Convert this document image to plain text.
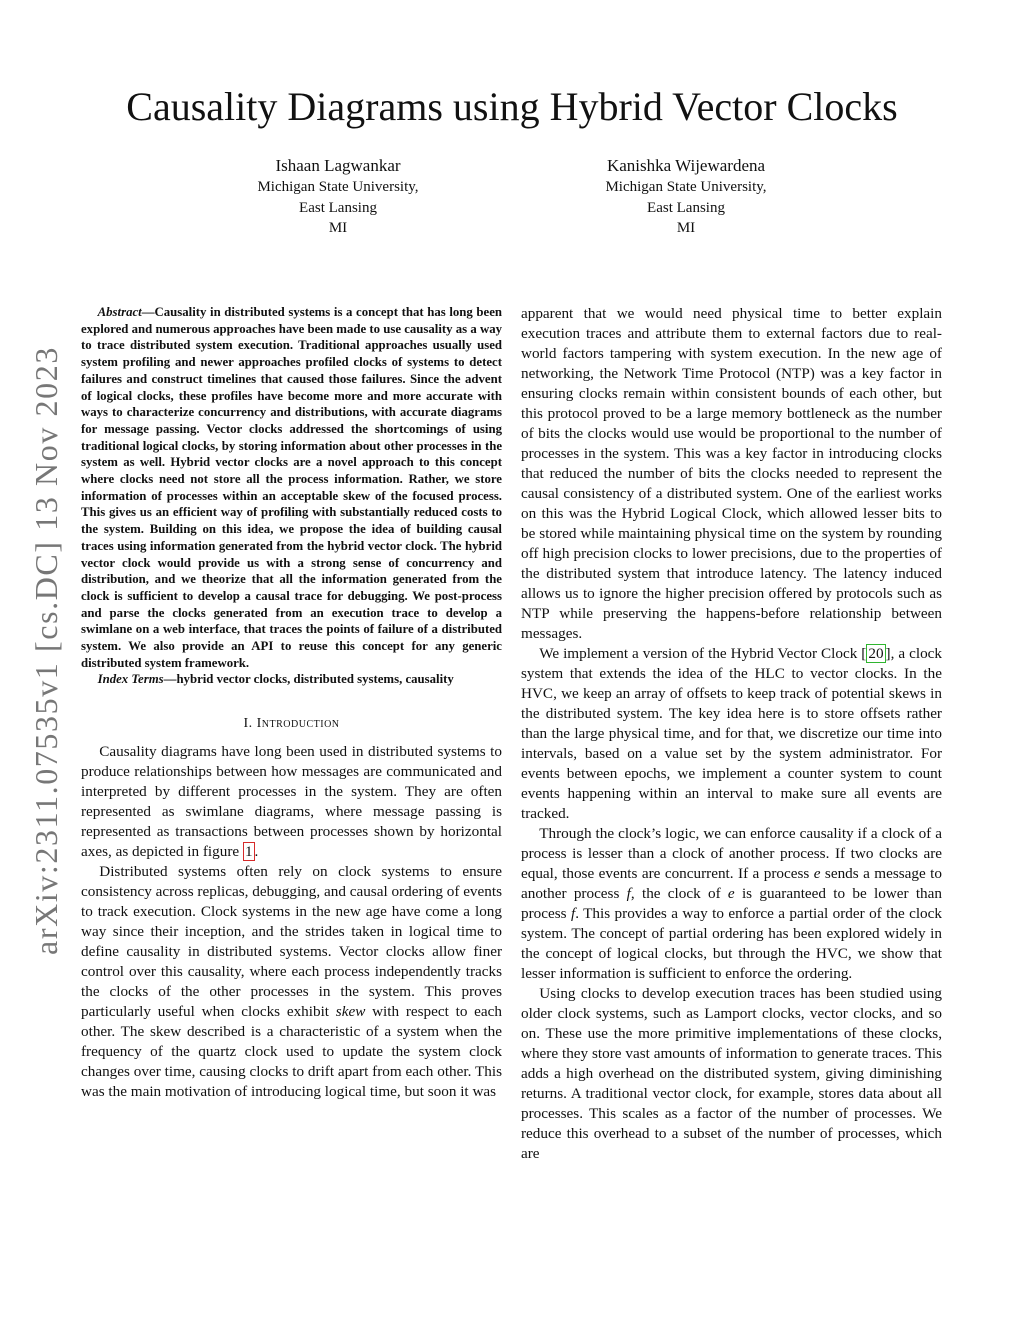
arXiv:2311.07535v1 [cs.DC] 13 Nov 2023
Causality Diagrams using Hybrid Vector Clocks
Ishaan Lagwankar
Michigan State University,
East Lansing
MI
Kanishka Wijewardena
Michigan State University,
East Lansing
MI

Abstract—Causality in distributed systems is a concept that has long been explored and numerous approaches have been made to use causality as a way to trace distributed system execution. Traditional approaches usually used system profiling and newer approaches profiled clocks of systems to detect failures and construct timelines that caused those failures. Since the advent of logical clocks, these profiles have become more and more accurate with ways to characterize concurrency and distributions, with accurate diagrams for message passing. Vector clocks addressed the shortcomings of using traditional logical clocks, by storing information about other processes in the system as well. Hybrid vector clocks are a novel approach to this concept where clocks need not store all the process information. Rather, we store information of processes within an acceptable skew of the focused process. This gives us an efficient way of profiling with substantially reduced costs to the system. Building on this idea, we propose the idea of building causal traces using information generated from the hybrid vector clock. The hybrid vector clock would provide us with a strong sense of concurrency and distribution, and we theorize that all the information generated from the clock is sufficient to develop a causal trace for debugging. We post-process and parse the clocks generated from an execution trace to develop a swimlane on a web interface, that traces the points of failure of a distributed system. We also provide an API to reuse this concept for any generic distributed system framework.

Index Terms—hybrid vector clocks, distributed systems, causality

I. Introduction

Causality diagrams have long been used in distributed systems to produce relationships between how messages are communicated and interpreted by different processes in the system. They are often represented as swimlane diagrams, where message passing is represented as transactions between processes shown by horizontal axes, as depicted in figure 1 .

Distributed systems often rely on clock systems to ensure consistency across replicas, debugging, and causal ordering of events to track execution. Clock systems in the new age have come a long way since their inception, and the strides taken in logical time to define causality in distributed systems. Vector clocks allow finer control over this causality, where each process independently tracks the clocks of the other processes in the system. This proves particularly useful when clocks exhibit skew with respect to each other. The skew described is a characteristic of a system when the frequency of the quartz clock used to update the system clock changes over time, causing clocks to drift apart from each other. This was the main motivation of introducing logical time, but soon it was

apparent that we would need physical time to better explain execution traces and attribute them to external factors due to real-world factors tampering with system execution. In the new age of networking, the Network Time Protocol (NTP) was a key factor in ensuring clocks remain within consistent bounds of each other, but this protocol proved to be a large memory bottleneck as the number of bits the clocks would use would be proportional to the number of processes in the system. This was a key factor in introducing clocks that reduced the number of bits the clocks needed to represent the causal consistency of a distributed system. One of the earliest works on this was the Hybrid Logical Clock, which allowed lesser bits to be stored while maintaining physical time on the system by rounding off high precision clocks to lower precisions, due to the properties of the distributed system that introduce latency. The latency induced allows us to ignore the higher precision offered by protocols such as NTP while preserving the happens-before relationship between messages.

We implement a version of the Hybrid Vector Clock [ 20 ], a clock system that extends the idea of the HLC to vector clocks. In the HVC, we keep an array of offsets to keep track of potential skews in the distributed system. The key idea here is to store offsets rather than the large physical time, and for that, we discretize our time into intervals, based on a value set by the system administrator. For events between epochs, we implement a counter system to count events happening within an interval to make sure all events are tracked.

Through the clock’s logic, we can enforce causality if a clock of a process is lesser than a clock of another process. If two clocks are equal, those events are concurrent. If a process e sends a message to another process f, the clock of e is guaranteed to be lower than process f. This provides a way to enforce a partial order of the clock system. The concept of partial ordering has been explored widely in the concept of logical clocks, but through the HVC, we show that lesser information is sufficient to enforce the ordering.

Using clocks to develop execution traces has been studied using older clock systems, such as Lamport clocks, vector clocks, and so on. These use the more primitive implementations of these clocks, where they store vast amounts of information to generate traces. This adds a high overhead on the distributed system, giving diminishing returns. A traditional vector clock, for example, stores data about all processes. This scales as a factor of the number of processes. We reduce this overhead to a subset of the number of processes, which are
